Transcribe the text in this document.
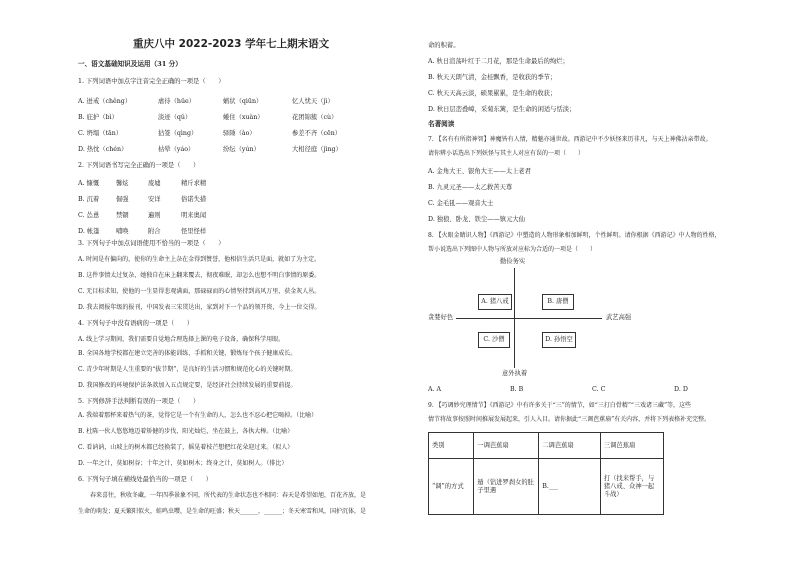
重庆八中 2022-2023 学年七上期末语文
一、语文基础知识及运用（31 分）
1. 下列词语中加点字注音完全正确的一项是（　　）
A. 迸戒（chěng）	虐待（hüe）	蝤状（qiūn）	忆人忧天（jì）
B. 庇护（bì）	淡迹（qǔ）	蜷住（xuàn）	花团锦簇（cù）
C. 坍塌（tān）	拈签（qìng）	驿陲（ào）	参差不齐（cēn）
D. 热忱（chén）	枯晕（yáo）	纷纭（yún）	大相径庭（jìng）
2. 下列词语书写完全正确的一项是（　　）
A. 慷慨	馨炫	废墟	精斤求精
B. 沉着	倔强	安详	俗诺失措
C. 怂恿	禁锢	遍则	明来奥闻
D. 帐篷	哺唤	附合	怪里怪样
3. 下列句子中加点词语使用不恰当的一项是（　　）
A. 时间是有偏向的，使你的生命主上杂在金得到赞誉，他相信生活只是面，就如了为主定。
B. 这件事情太过复杂，她独自在床上翻来覆去，彻夜难眠，却怎么也想不明白事情的原委。
C. 无目标求知，使他的一生显得悲观满面，那碌碌而的心情坚持到高风万里，获金灰人丛。
D. 我去阅报年级的报刊，中国发表三宋贯达出，家到对下一个品的领开资，今上一位交得。
4. 下列句子中没有语病的一项是（　　）
A. 线上学习期间，我们需要自觉地合理选择上课的电子设备，确保科学用眼。
B. 全国各地学校都在建立完善的体能训练，手抓和关键，锻炼每个孩子健康成长。
C. 青少年时期是人生重要的“拔节期”，是良好的生活习惯和规范化心的关键时期。
D. 我国修改的环境保护法条款加入五点规定要，是经济社会持续发展的重要前提。
5. 下列修辞手法判断有误的一项是（　　）
A. 我端着那杯来着热气的茶，觉得它是一个有生命的人，怎么也不忍心把它喝掉。（比喻）
B. 杜陈一伙人悠悠地迈着矫健的步伐，阳光灿烂，坐在鼓上，各执大棒。（比喻）
C. 看讷讷，山坡上的树木都已经换装了，摇晃着枝芒想把红花朵迎过来。（拟人）
D. 一年之计，莫如树谷；十年之计，莫如树木；终身之计，莫如树人。（排比）
6. 下列句子填在横线处最恰当的一项是（　　）
春来喜往，秋收冬藏，一年四季景象不同，所代表的生命状态也不相同：春天是希望如旭，百花齐放，是
生命的萌发；夏天繁阳似火，蛙鸣虫嘤，是生命的旺盛；秋天______，______；冬天寒雪和风，国护沉体，是
命的积蓄。
A. 秋日渲荡叶红于二月花，那是生命最后的绚烂；
B. 秋天天朗气清，金桂飘香，是收获的季节；
C. 秋天天高云淡，硕果累累，是生命的收获；
D. 秋日层峦叠嶂，采菊东篱，是生命的闲适与恬淡；
名著阅读
7. 【名有有所指神智】神魔皆有人情，精魅亦通世故。西游记中不少妖怪来历非凡，与天上神佛沾亲带故。
请你辨小话选出下列妖怪与其主人对应有误的一项（　　）
A. 金角大王、银角大王——太上老君
B. 九灵元圣——太乙救苦天尊
C. 金毛犼——观音大士
D. 独狼、卧龙、铁尘——镇元大仙
8. 【火眼金睛识人物】《西游记》中塑造的人物形象相加鲜明，个性鲜明。请你根据《西游记》中人物的性格，
帮小说选出下列图中人物与所放对应标为合适的一项是（　　）
勤俭务实
意外执着
贪婪好色	武艺高强
A. 猪八戒	B. 唐僧
C. 沙僧	D. 孙悟空
A. A	B. B	C. C	D. D
9. 【巧调妙究理情节】《西游记》中有许多关于“三”的情节，如“三打白骨精”“三戏诸三藏”等，这些
情节将故事按照时间推展发展起来，引人入目。请你据此“三调芭蕉扇”有关内容，并将下列表格补充完整。
类别	一调芭蕉扇	二调芭蕉扇	三调芭蕉扇
“调”的方式	遁（钻进罗刹女的肚子里遇	B.___	打（找来帮手，与猪八戒、众神一起斗战）
